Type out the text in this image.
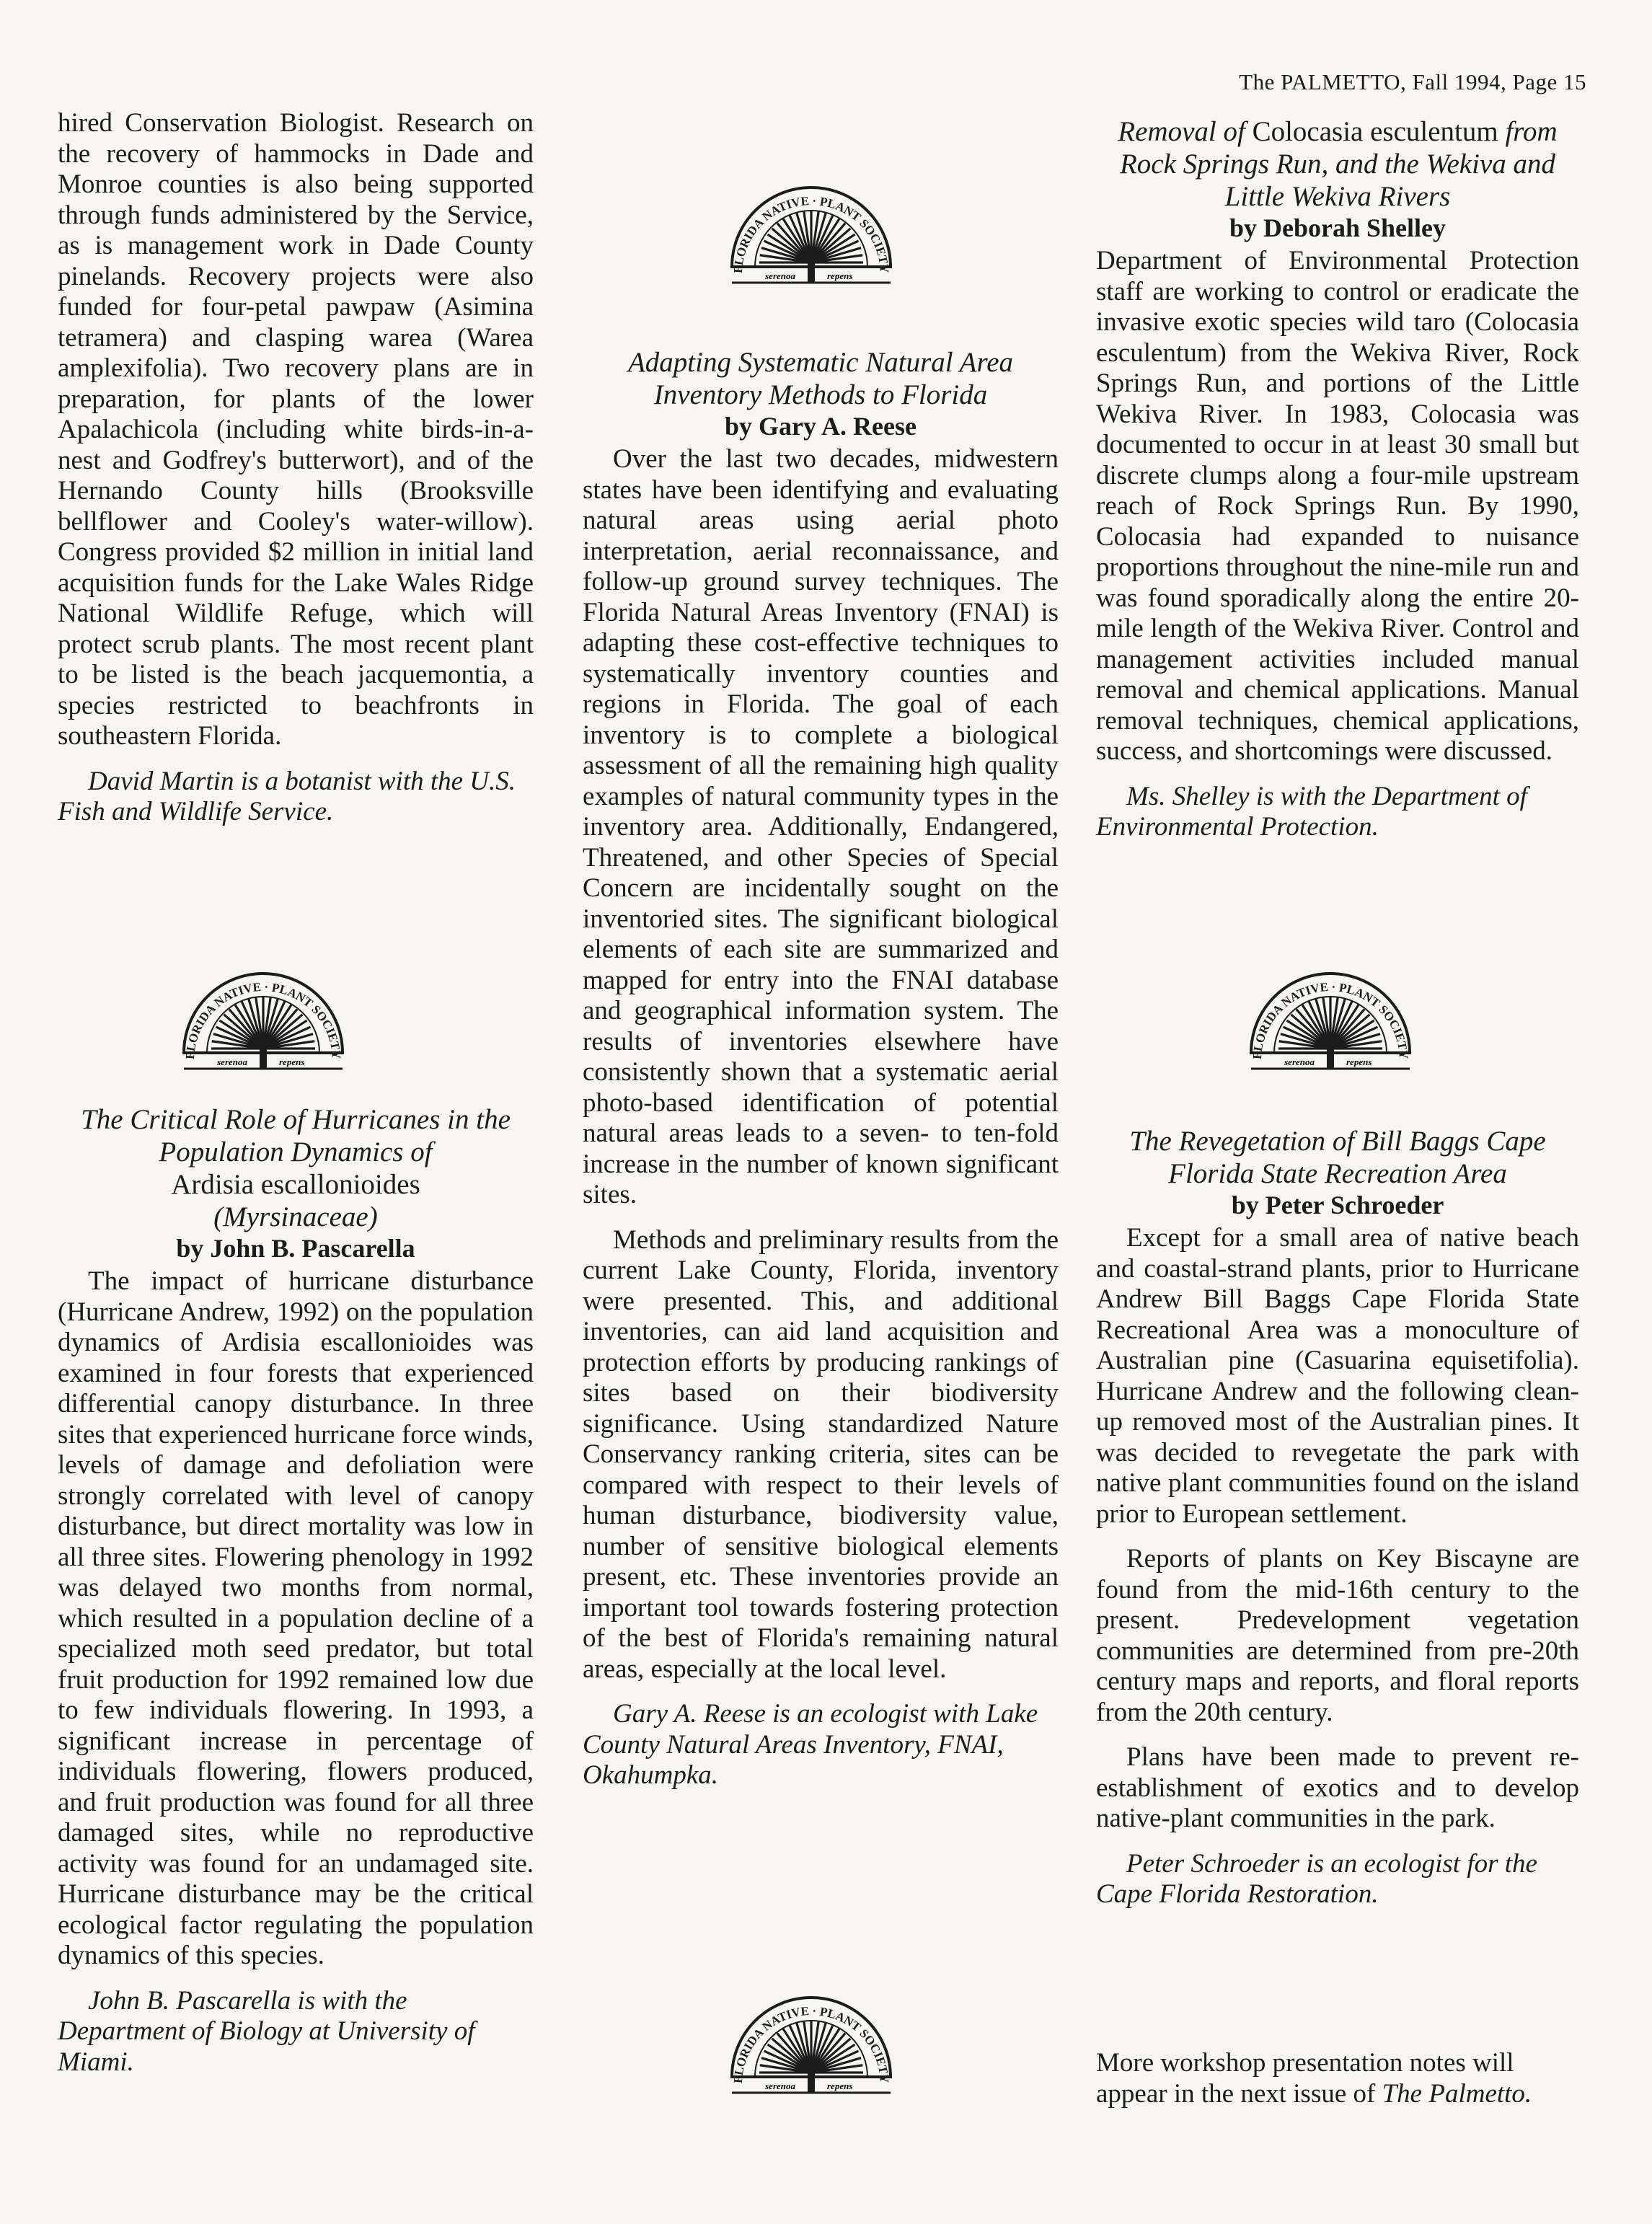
The PALMETTO, Fall 1994, Page 15

hired Conservation Biologist. Research on the recovery of hammocks in Dade and Monroe counties is also being supported through funds administered by the Service, as is management work in Dade County pinelands. Recovery projects were also funded for four-petal pawpaw (Asimina tetramera) and clasping warea (Warea amplexifolia). Two recovery plans are in preparation, for plants of the lower Apalachicola (including white birds-in-a-nest and Godfrey's butterwort), and of the Hernando County hills (Brooksville bellflower and Cooley's water-willow). Congress provided $2 million in initial land acquisition funds for the Lake Wales Ridge National Wildlife Refuge, which will protect scrub plants. The most recent plant to be listed is the beach jacquemontia, a species restricted to beachfronts in southeastern Florida.

David Martin is a botanist with the U.S. Fish and Wildlife Service.

FLORIDA NATIVE · PLANT SOCIETY
serenoa	repens
The Critical Role of Hurricanes in the Population Dynamics of
Ardisia escallonioides
(Myrsinaceae)
by John B. Pascarella

The impact of hurricane disturbance (Hurricane Andrew, 1992) on the population dynamics of Ardisia escallonioides was examined in four forests that experienced differential canopy disturbance. In three sites that experienced hurricane force winds, levels of damage and defoliation were strongly correlated with level of canopy disturbance, but direct mortality was low in all three sites. Flowering phenology in 1992 was delayed two months from normal, which resulted in a population decline of a specialized moth seed predator, but total fruit production for 1992 remained low due to few individuals flowering. In 1993, a significant increase in percentage of individuals flowering, flowers produced, and fruit production was found for all three damaged sites, while no reproductive activity was found for an undamaged site. Hurricane disturbance may be the critical ecological factor regulating the population dynamics of this species.

John B. Pascarella is with the Department of Biology at University of Miami.

FLORIDA NATIVE · PLANT SOCIETY
serenoa	repens
Adapting Systematic Natural Area Inventory Methods to Florida
by Gary A. Reese

Over the last two decades, midwestern states have been identifying and evaluating natural areas using aerial photo interpretation, aerial reconnaissance, and follow-up ground survey techniques. The Florida Natural Areas Inventory (FNAI) is adapting these cost-effective techniques to systematically inventory counties and regions in Florida. The goal of each inventory is to complete a biological assessment of all the remaining high quality examples of natural community types in the inventory area. Additionally, Endangered, Threatened, and other Species of Special Concern are incidentally sought on the inventoried sites. The significant biological elements of each site are summarized and mapped for entry into the FNAI database and geographical information system. The results of inventories elsewhere have consistently shown that a systematic aerial photo-based identification of potential natural areas leads to a seven- to ten-fold increase in the number of known significant sites.

Methods and preliminary results from the current Lake County, Florida, inventory were presented. This, and additional inventories, can aid land acquisition and protection efforts by producing rankings of sites based on their biodiversity significance. Using standardized Nature Conservancy ranking criteria, sites can be compared with respect to their levels of human disturbance, biodiversity value, number of sensitive biological elements present, etc. These inventories provide an important tool towards fostering protection of the best of Florida's remaining natural areas, especially at the local level.

Gary A. Reese is an ecologist with Lake County Natural Areas Inventory, FNAI, Okahumpka.

FLORIDA NATIVE · PLANT SOCIETY
serenoa	repens
Removal of Colocasia esculentum from Rock Springs Run, and the Wekiva and Little Wekiva Rivers
by Deborah Shelley

Department of Environmental Protection staff are working to control or eradicate the invasive exotic species wild taro (Colocasia esculentum) from the Wekiva River, Rock Springs Run, and portions of the Little Wekiva River. In 1983, Colocasia was documented to occur in at least 30 small but discrete clumps along a four-mile upstream reach of Rock Springs Run. By 1990, Colocasia had expanded to nuisance proportions throughout the nine-mile run and was found sporadically along the entire 20-mile length of the Wekiva River. Control and management activities included manual removal and chemical applications. Manual removal techniques, chemical applications, success, and shortcomings were discussed.

Ms. Shelley is with the Department of Environmental Protection.

FLORIDA NATIVE · PLANT SOCIETY
serenoa	repens
The Revegetation of Bill Baggs Cape Florida State Recreation Area
by Peter Schroeder

Except for a small area of native beach and coastal-strand plants, prior to Hurricane Andrew Bill Baggs Cape Florida State Recreational Area was a monoculture of Australian pine (Casuarina equisetifolia). Hurricane Andrew and the following clean-up removed most of the Australian pines. It was decided to revegetate the park with native plant communities found on the island prior to European settlement.

Reports of plants on Key Biscayne are found from the mid-16th century to the present. Predevelopment vegetation communities are determined from pre-20th century maps and reports, and floral reports from the 20th century.

Plans have been made to prevent re-establishment of exotics and to develop native-plant communities in the park.

Peter Schroeder is an ecologist for the Cape Florida Restoration.

More workshop presentation notes will appear in the next issue of The Palmetto.
